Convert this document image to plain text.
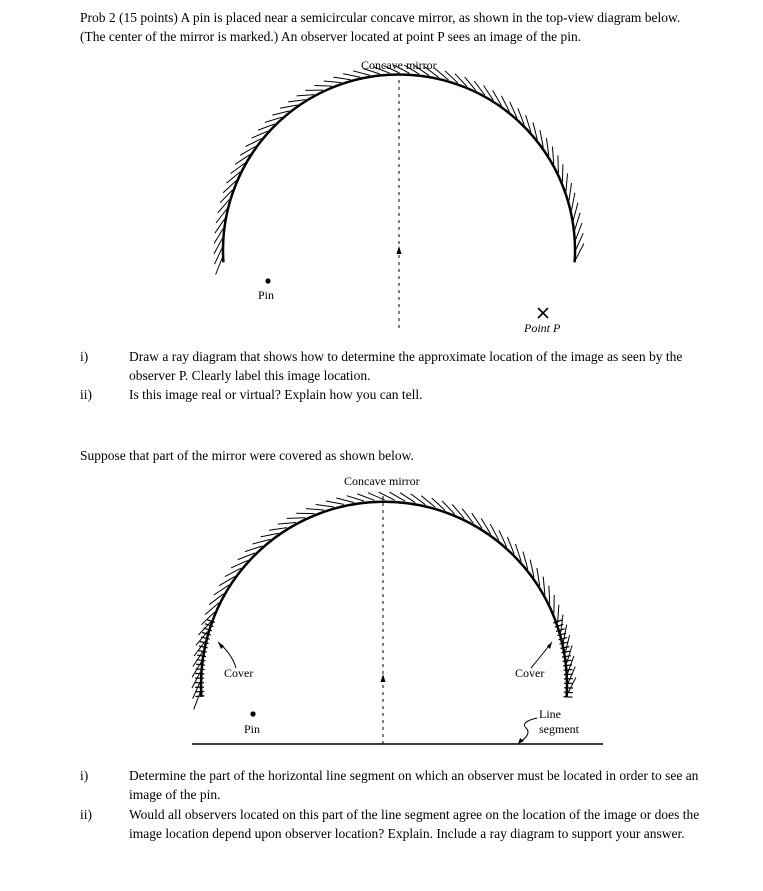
Prob 2 (15 points) A pin is placed near a semicircular concave mirror, as shown in the top-view diagram below. (The center of the mirror is marked.) An observer located at point P sees an image of the pin.

Concave mirror
Pin
Point P
i)	Draw a ray diagram that shows how to determine the approximate location of the image as seen by the observer P. Clearly label this image location.

ii)	Is this image real or virtual? Explain how you can tell.

Suppose that part of the mirror were covered as shown below.

Concave mirror
Cover	Cover
Pin
Line
segment
i)	Determine the part of the horizontal line segment on which an observer must be located in order to see an image of the pin.

ii)	Would all observers located on this part of the line segment agree on the location of the image or does the image location depend upon observer location? Explain. Include a ray diagram to support your answer.
